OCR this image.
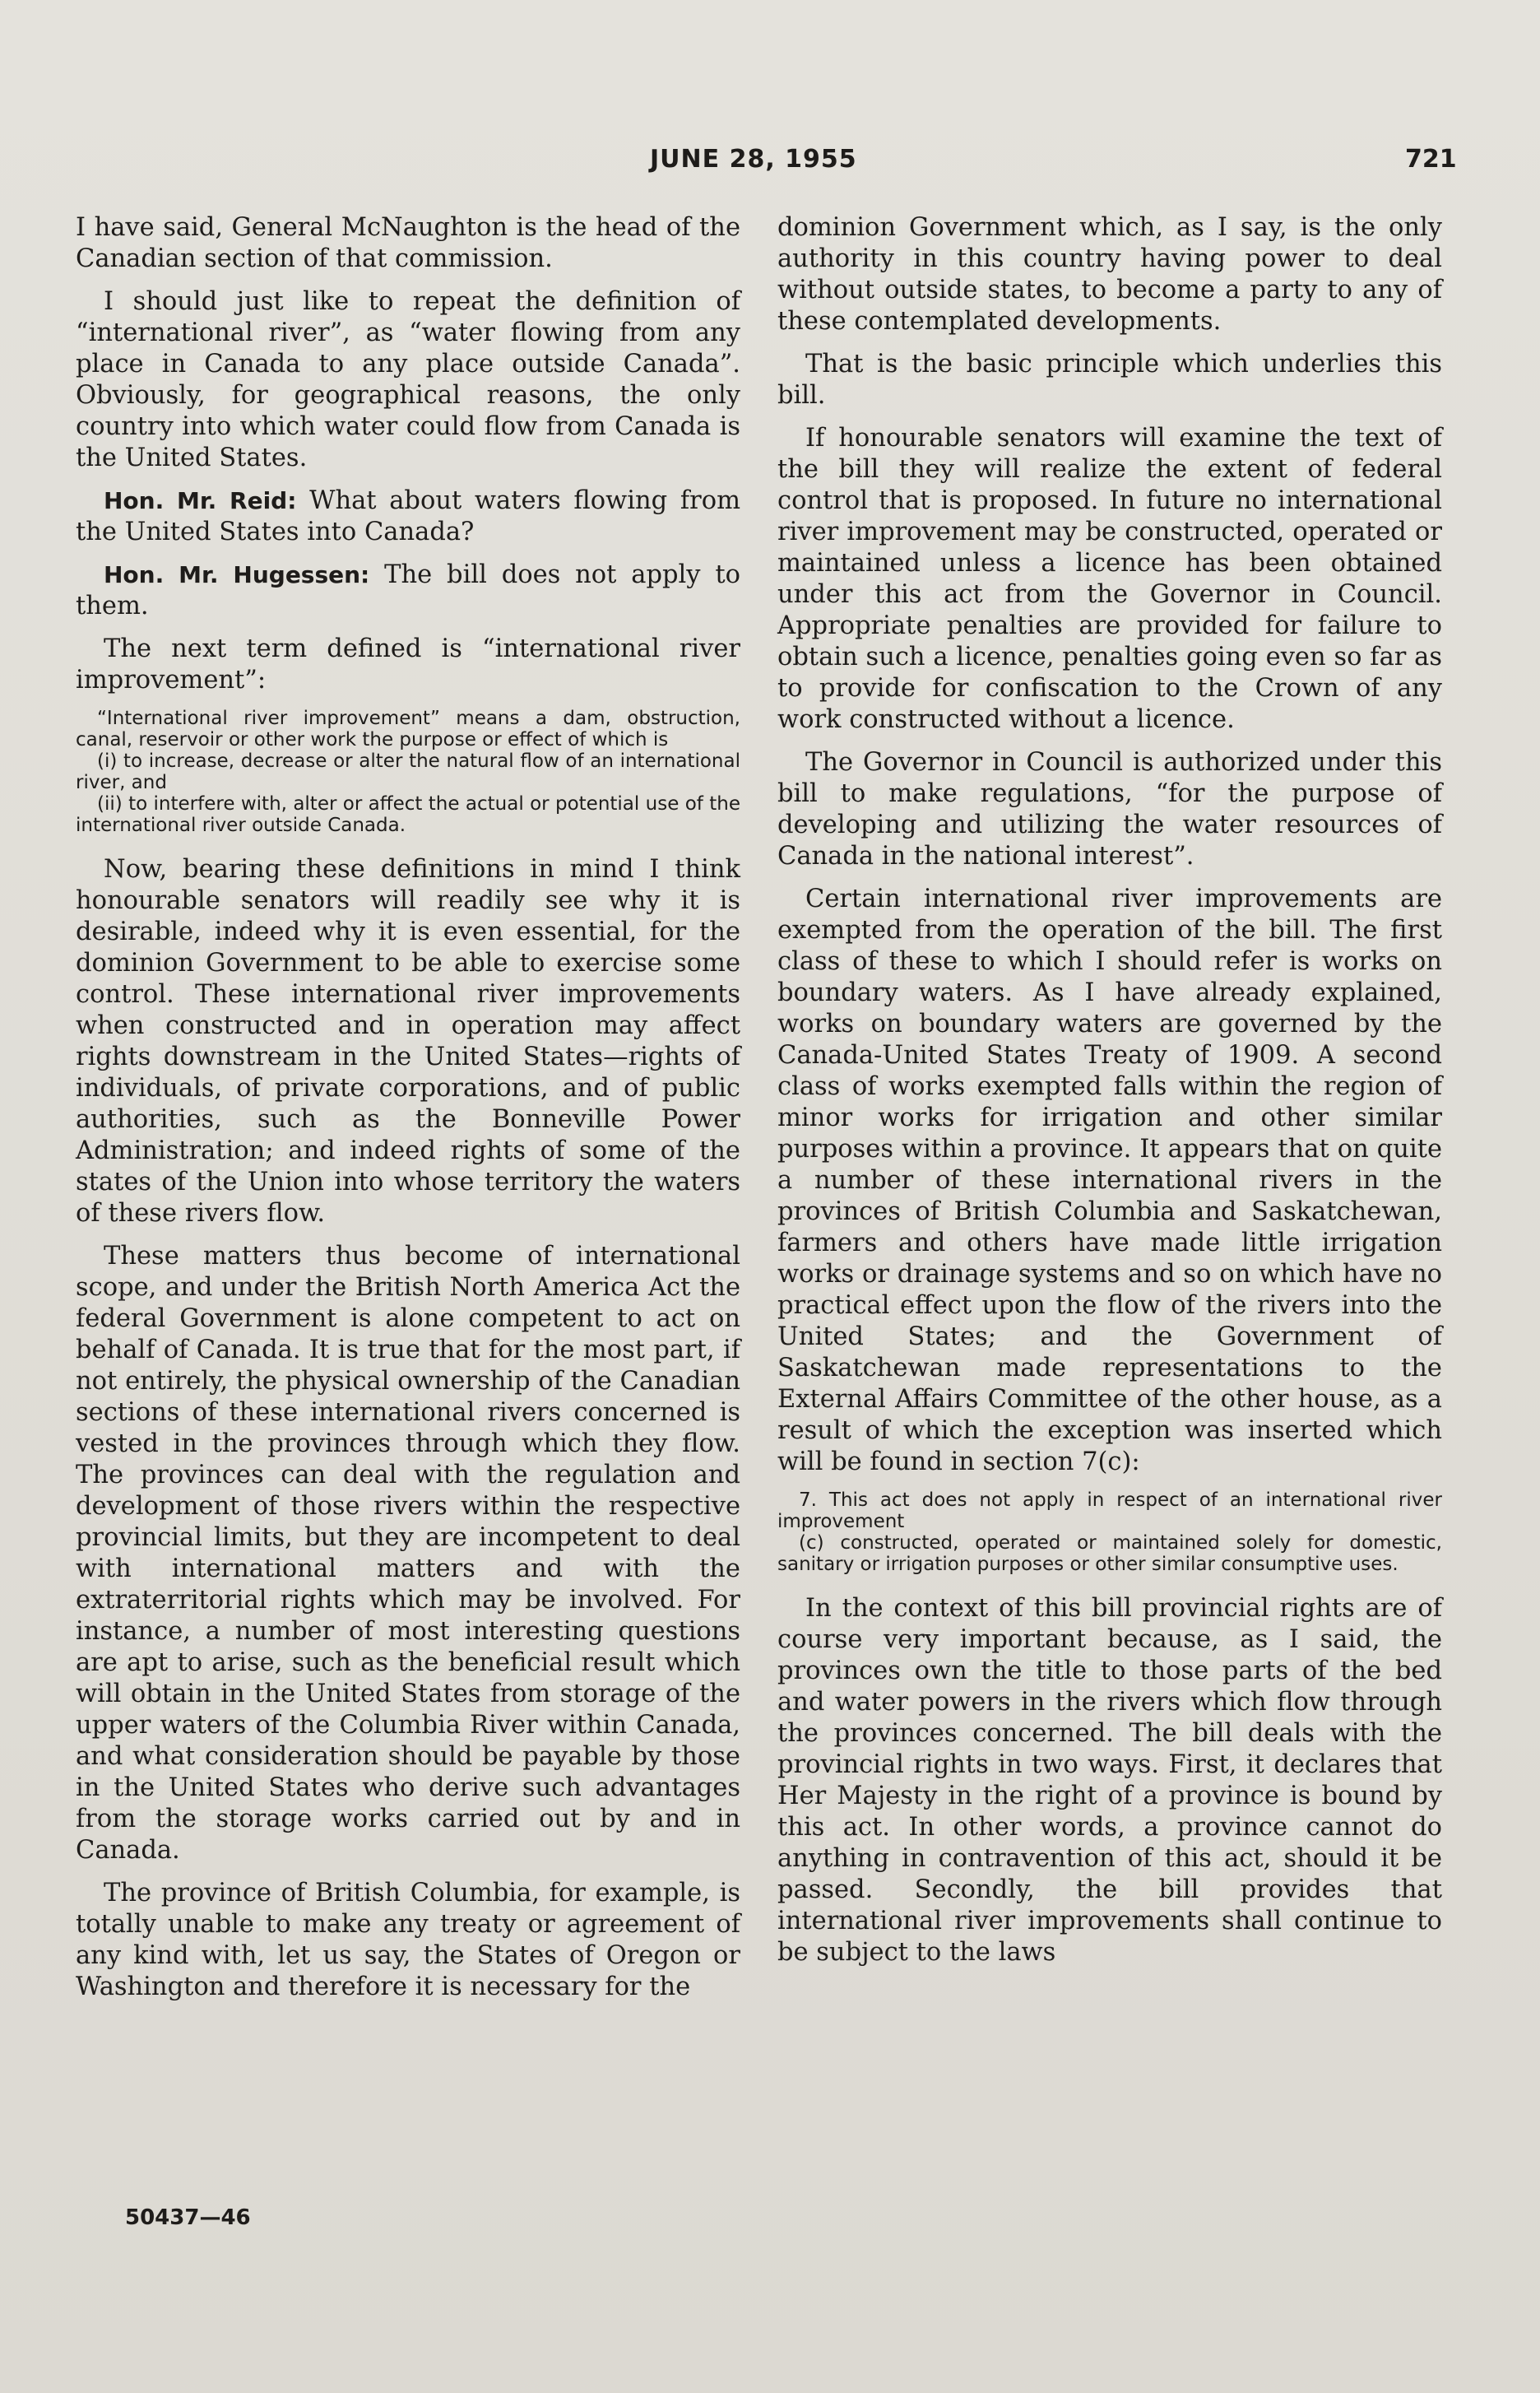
JUNE 28, 1955	721

I have said, General McNaughton is the head of the Canadian section of that commission.

I should just like to repeat the definition of “international river”, as “water flowing from any place in Canada to any place outside Canada”. Obviously, for geographical reasons, the only country into which water could flow from Canada is the United States.

Hon. Mr. Reid: What about waters flowing from the United States into Canada?

Hon. Mr. Hugessen: The bill does not apply to them.

The next term defined is “international river improvement”:

“International river improvement” means a dam, obstruction, canal, reservoir or other work the purpose or effect of which is
(i) to increase, decrease or alter the natural flow of an international river, and
(ii) to interfere with, alter or affect the actual or potential use of the international river outside Canada.

Now, bearing these definitions in mind I think honourable senators will readily see why it is desirable, indeed why it is even essential, for the dominion Government to be able to exercise some control. These international river improvements when constructed and in operation may affect rights downstream in the United States—rights of individuals, of private corporations, and of public authorities, such as the Bonneville Power Administration; and indeed rights of some of the states of the Union into whose territory the waters of these rivers flow.

These matters thus become of international scope, and under the British North America Act the federal Government is alone competent to act on behalf of Canada. It is true that for the most part, if not entirely, the physical ownership of the Canadian sections of these international rivers concerned is vested in the provinces through which they flow. The provinces can deal with the regulation and development of those rivers within the respective provincial limits, but they are incompetent to deal with international matters and with the extraterritorial rights which may be involved. For instance, a number of most interesting questions are apt to arise, such as the beneficial result which will obtain in the United States from storage of the upper waters of the Columbia River within Canada, and what consideration should be payable by those in the United States who derive such advantages from the storage works carried out by and in Canada.

The province of British Columbia, for example, is totally unable to make any treaty or agreement of any kind with, let us say, the States of Oregon or Washington and therefore it is necessary for the

dominion Government which, as I say, is the only authority in this country having power to deal without outside states, to become a party to any of these contemplated developments.

That is the basic principle which underlies this bill.

If honourable senators will examine the text of the bill they will realize the extent of federal control that is proposed. In future no international river improvement may be constructed, operated or maintained unless a licence has been obtained under this act from the Governor in Council. Appropriate penalties are provided for failure to obtain such a licence, penalties going even so far as to provide for confiscation to the Crown of any work constructed without a licence.

The Governor in Council is authorized under this bill to make regulations, “for the purpose of developing and utilizing the water resources of Canada in the national interest”.

Certain international river improvements are exempted from the operation of the bill. The first class of these to which I should refer is works on boundary waters. As I have already explained, works on boundary waters are governed by the Canada-United States Treaty of 1909. A second class of works exempted falls within the region of minor works for irrigation and other similar purposes within a province. It appears that on quite a number of these international rivers in the provinces of British Columbia and Saskatchewan, farmers and others have made little irrigation works or drainage systems and so on which have no practical effect upon the flow of the rivers into the United States; and the Government of Saskatchewan made representations to the External Affairs Committee of the other house, as a result of which the exception was inserted which will be found in section 7(c):

7. This act does not apply in respect of an international river improvement
(c) constructed, operated or maintained solely for domestic, sanitary or irrigation purposes or other similar consumptive uses.

In the context of this bill provincial rights are of course very important because, as I said, the provinces own the title to those parts of the bed and water powers in the rivers which flow through the provinces concerned. The bill deals with the provincial rights in two ways. First, it declares that Her Majesty in the right of a province is bound by this act. In other words, a province cannot do anything in contravention of this act, should it be passed. Secondly, the bill provides that international river improvements shall continue to be subject to the laws

50437—46
